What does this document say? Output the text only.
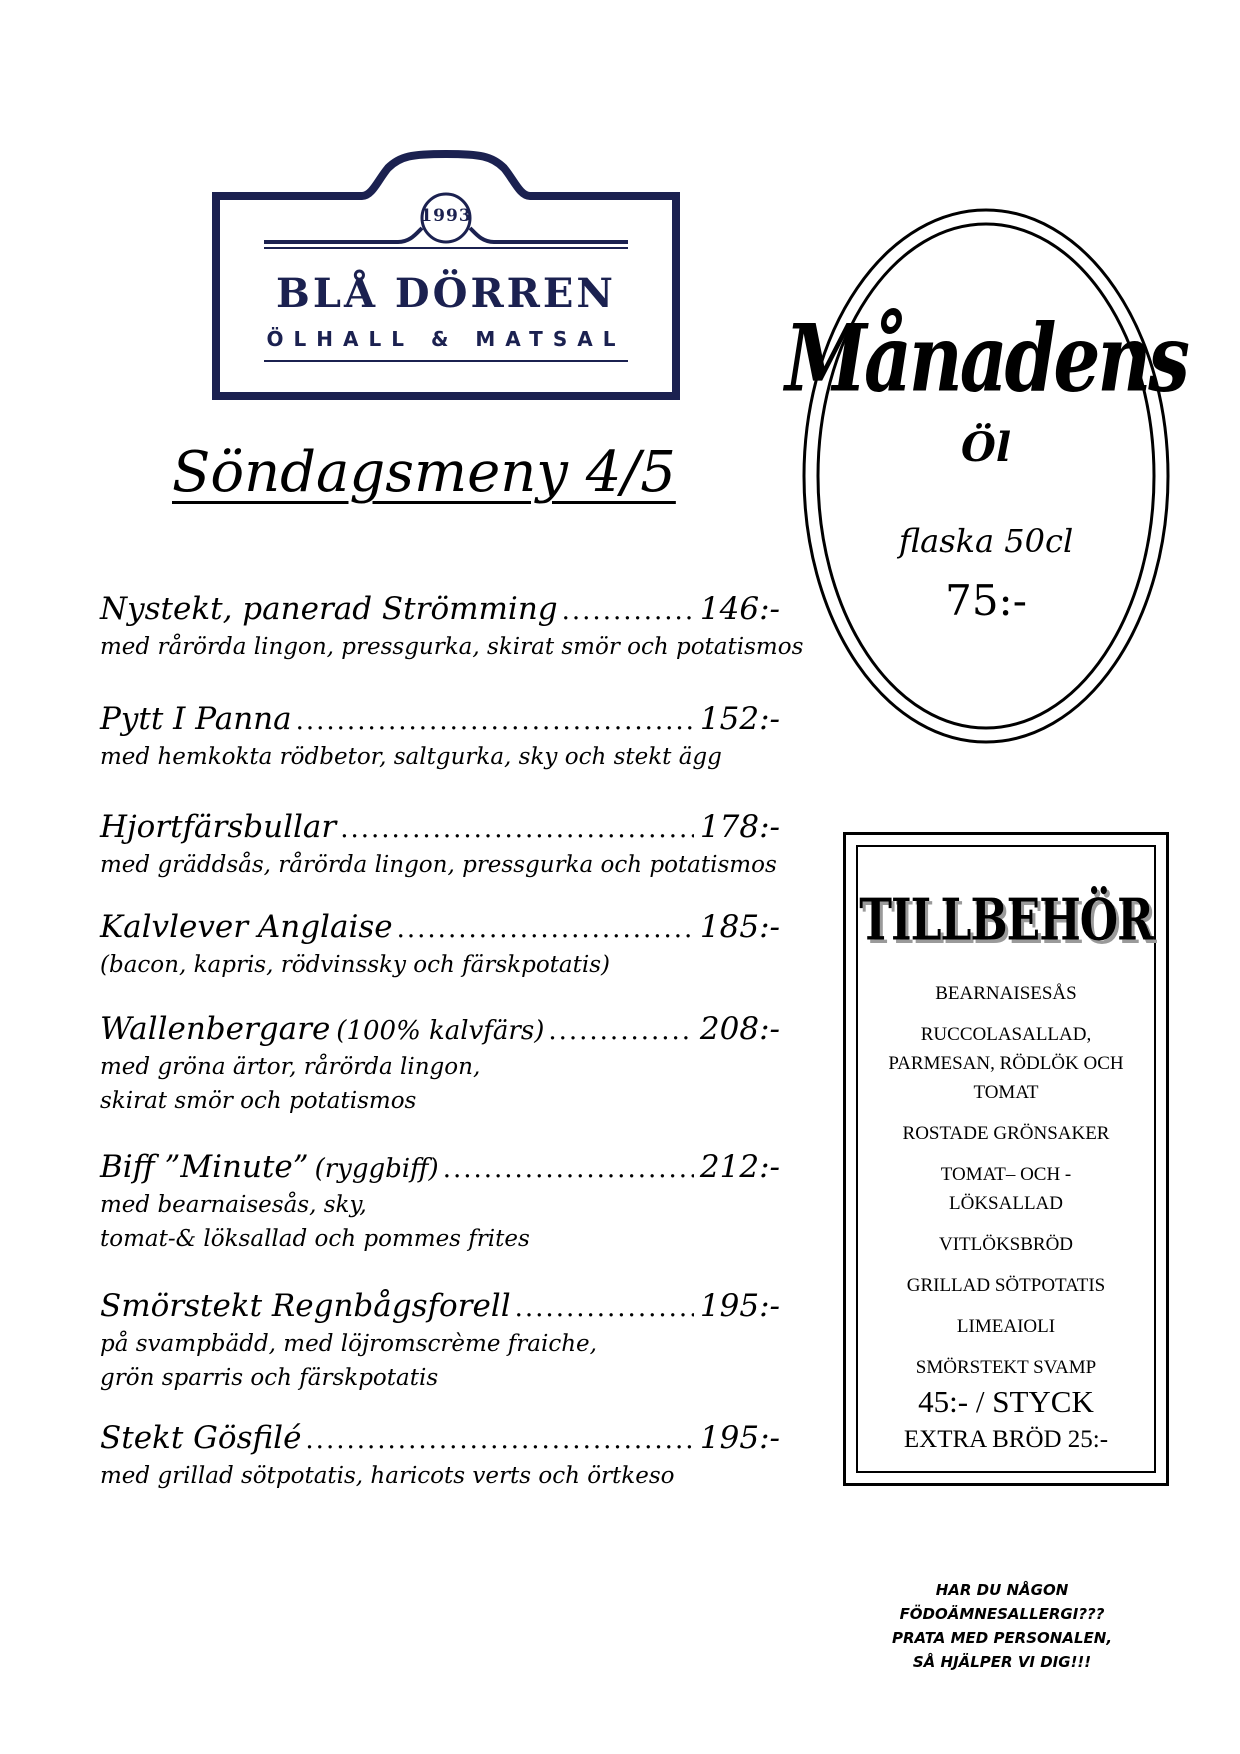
1993
BLÅ DÖRREN
ÖLHALL & MATSAL
Söndagsmeny 4/5
Nystekt, panerad Strömming .....	146:-
med rårörda lingon, pressgurka, skirat smör och potatismos
Pytt I Panna .....	152:-
med hemkokta rödbetor, saltgurka, sky och stekt ägg
Hjortfärsbullar .....	178:-
med gräddsås, rårörda lingon, pressgurka och potatismos
Kalvlever Anglaise .....	185:-
(bacon, kapris, rödvinssky och färskpotatis)
Wallenbergare (100% kalvfärs) .....	208:-
med gröna ärtor, rårörda lingon,
skirat smör och potatismos
Biff ”Minute” (ryggbiff) .....	212:-
med bearnaisesås, sky,
tomat-& löksallad och pommes frites
Smörstekt Regnbågsforell .....	195:-
på svampbädd, med löjromscrème fraiche,
grön sparris och färskpotatis
Stekt Gösfilé .....	195:-
med grillad sötpotatis, haricots verts och örtkeso
Månadens
Öl
flaska 50cl
75:-
TILLBEHÖR
BEARNAISESÅS
RUCCOLASALLAD,
PARMESAN, RÖDLÖK OCH
TOMAT
ROSTADE GRÖNSAKER
TOMAT– OCH -
LÖKSALLAD
VITLÖKSBRÖD
GRILLAD SÖTPOTATIS
LIMEAIOLI
SMÖRSTEKT SVAMP
45:- / STYCK
EXTRA BRÖD 25:-
HAR DU NÅGON
FÖDOÄMNESALLERGI???
PRATA MED PERSONALEN,
SÅ HJÄLPER VI DIG!!!
